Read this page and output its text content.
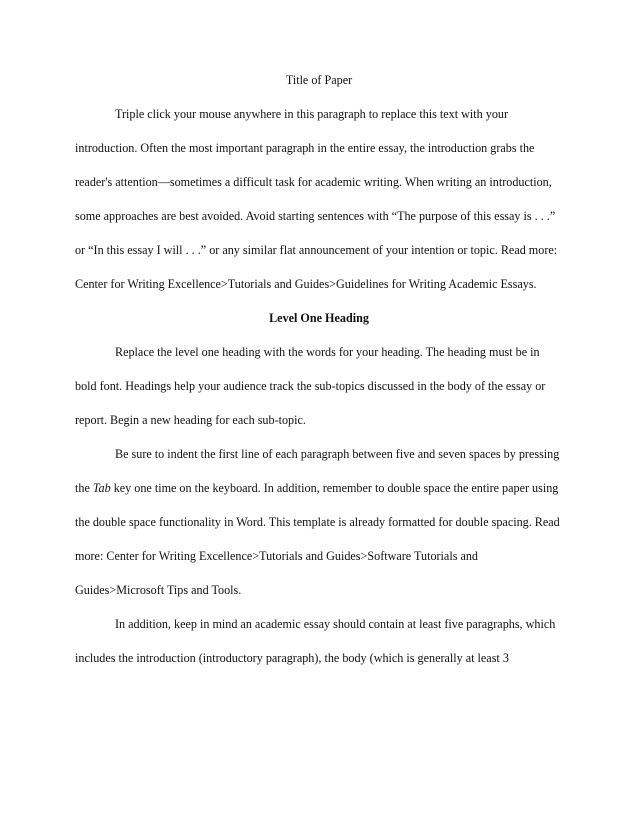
Title of Paper

Triple click your mouse anywhere in this paragraph to replace this text with your introduction. Often the most important paragraph in the entire essay, the introduction grabs the reader's attention—sometimes a difficult task for academic writing. When writing an introduction, some approaches are best avoided. Avoid starting sentences with “The purpose of this essay is . . .” or “In this essay I will . . .” or any similar flat announcement of your intention or topic. Read more: Center for Writing Excellence>Tutorials and Guides>Guidelines for Writing Academic Essays.

Level One Heading

Replace the level one heading with the words for your heading. The heading must be in bold font. Headings help your audience track the sub-topics discussed in the body of the essay or report. Begin a new heading for each sub-topic.

Be sure to indent the first line of each paragraph between five and seven spaces by pressing the Tab key one time on the keyboard. In addition, remember to double space the entire paper using the double space functionality in Word. This template is already formatted for double spacing. Read more: Center for Writing Excellence>Tutorials and Guides>Software Tutorials and Guides>Microsoft Tips and Tools.

In addition, keep in mind an academic essay should contain at least five paragraphs, which includes the introduction (introductory paragraph), the body (which is generally at least 3
